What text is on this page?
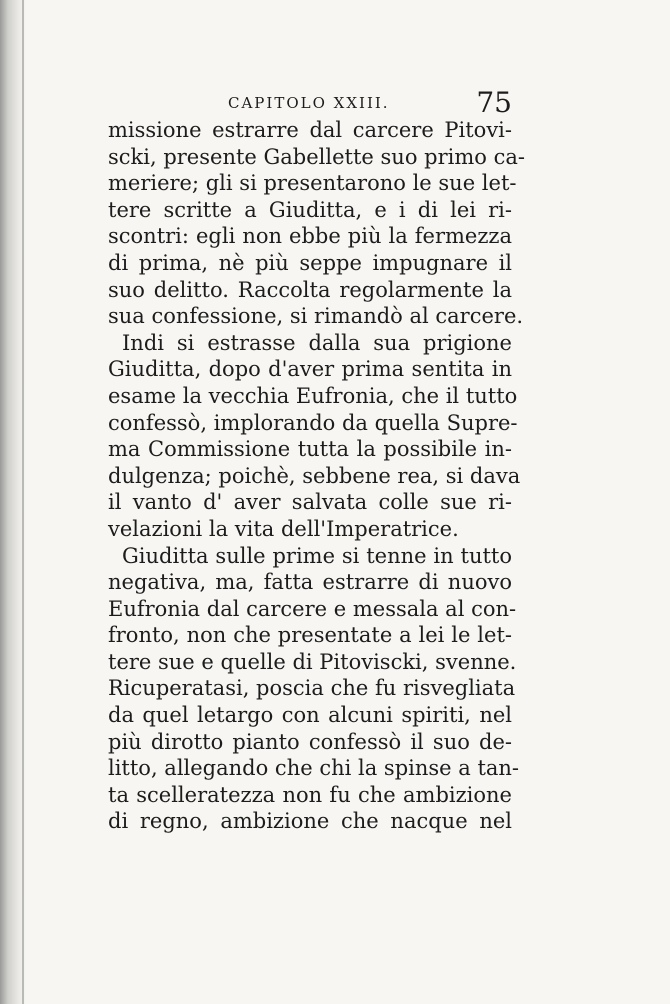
CAPITOLO XXIII.	75
missione estrarre dal carcere Pitovi-
scki, presente Gabellette suo primo ca-
meriere; gli si presentarono le sue let-
tere scritte a Giuditta, e i di lei ri-
scontri: egli non ebbe più la fermezza
di prima, nè più seppe impugnare il
suo delitto. Raccolta regolarmente la
sua confessione, si rimandò al carcere.
Indi si estrasse dalla sua prigione
Giuditta, dopo d'aver prima sentita in
esame la vecchia Eufronia, che il tutto
confessò, implorando da quella Supre-
ma Commissione tutta la possibile in-
dulgenza; poichè, sebbene rea, si dava
il vanto d' aver salvata colle sue ri-
velazioni la vita dell'Imperatrice.
Giuditta sulle prime si tenne in tutto
negativa, ma, fatta estrarre di nuovo
Eufronia dal carcere e messala al con-
fronto, non che presentate a lei le let-
tere sue e quelle di Pitoviscki, svenne.
Ricuperatasi, poscia che fu risvegliata
da quel letargo con alcuni spiriti, nel
più dirotto pianto confessò il suo de-
litto, allegando che chi la spinse a tan-
ta scelleratezza non fu che ambizione
di regno, ambizione che nacque nel
